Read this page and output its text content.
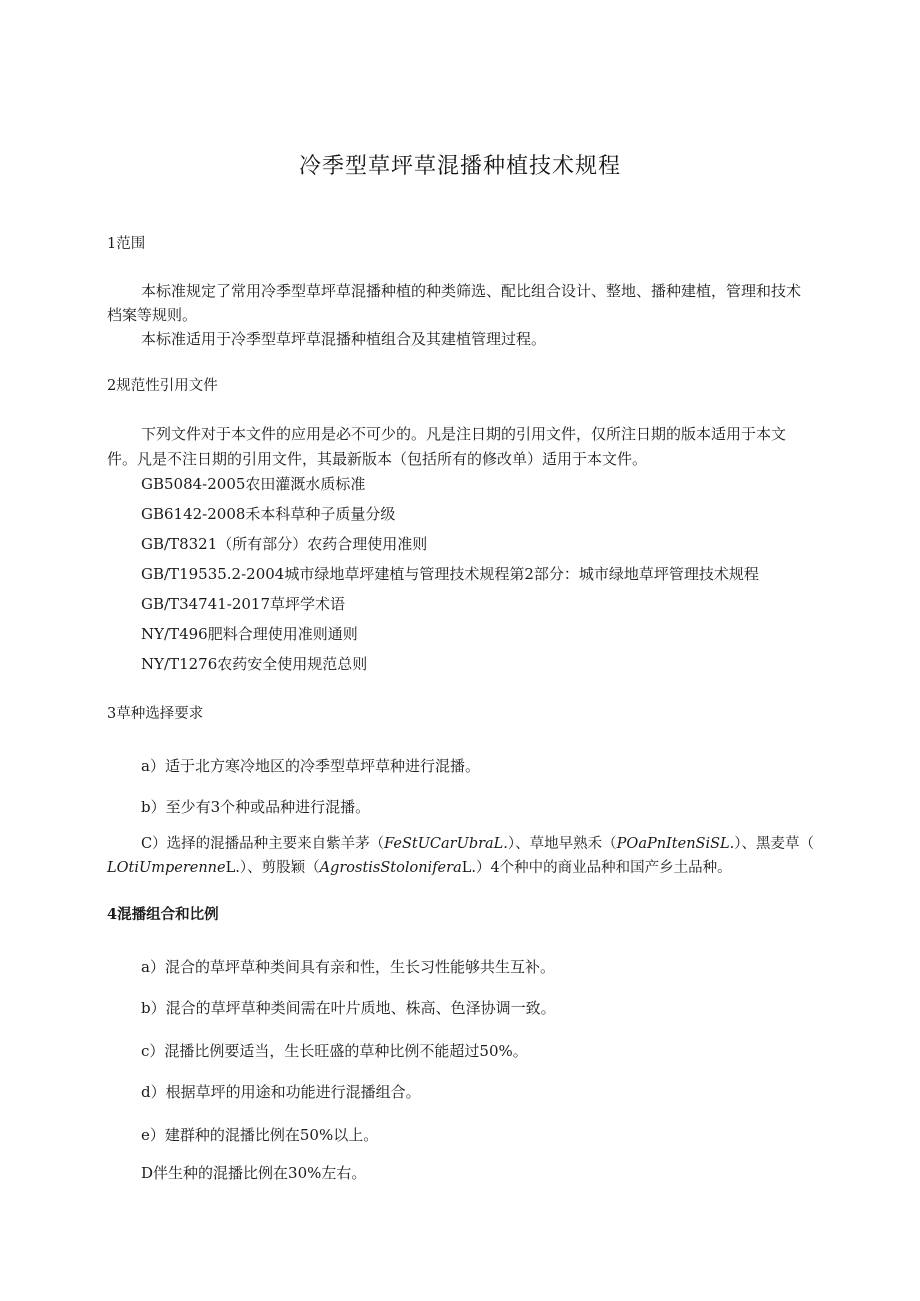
冷季型草坪草混播种植技术规程
1范围
本标准规定了常用冷季型草坪草混播种植的种类筛选、配比组合设计、整地、播种建植，管理和技术
档案等规则。
本标准适用于冷季型草坪草混播种植组合及其建植管理过程。
2规范性引用文件
下列文件对于本文件的应用是必不可少的。凡是注日期的引用文件，仅所注日期的版本适用于本文
件。凡是不注日期的引用文件，其最新版本（包括所有的修改单）适用于本文件。
GB5084-2005农田灌溉水质标准
GB6142-2008禾本科草种子质量分级
GB/T8321（所有部分）农药合理使用准则
GB/T19535.2-2004城市绿地草坪建植与管理技术规程第2部分：城市绿地草坪管理技术规程
GB/T34741-2017草坪学术语
NY/T496肥料合理使用准则通则
NY/T1276农药安全使用规范总则
3草种选择要求
a）适于北方寒冷地区的冷季型草坪草种进行混播。
b）至少有3个种或品种进行混播。
C）选择的混播品种主要来自紫羊茅（FeStUCarUbraL.）、草地早熟禾（POaPnItenSiSL.）、黑麦草（
LOtiUmperenneL.）、剪股颖（AgrostisStoloniferaL.）4个种中的商业品种和国产乡土品种。
4混播组合和比例
a）混合的草坪草种类间具有亲和性，生长习性能够共生互补。
b）混合的草坪草种类间需在叶片质地、株高、色泽协调一致。
c）混播比例要适当，生长旺盛的草种比例不能超过50%。
d）根据草坪的用途和功能进行混播组合。
e）建群种的混播比例在50%以上。
D伴生种的混播比例在30%左右。
